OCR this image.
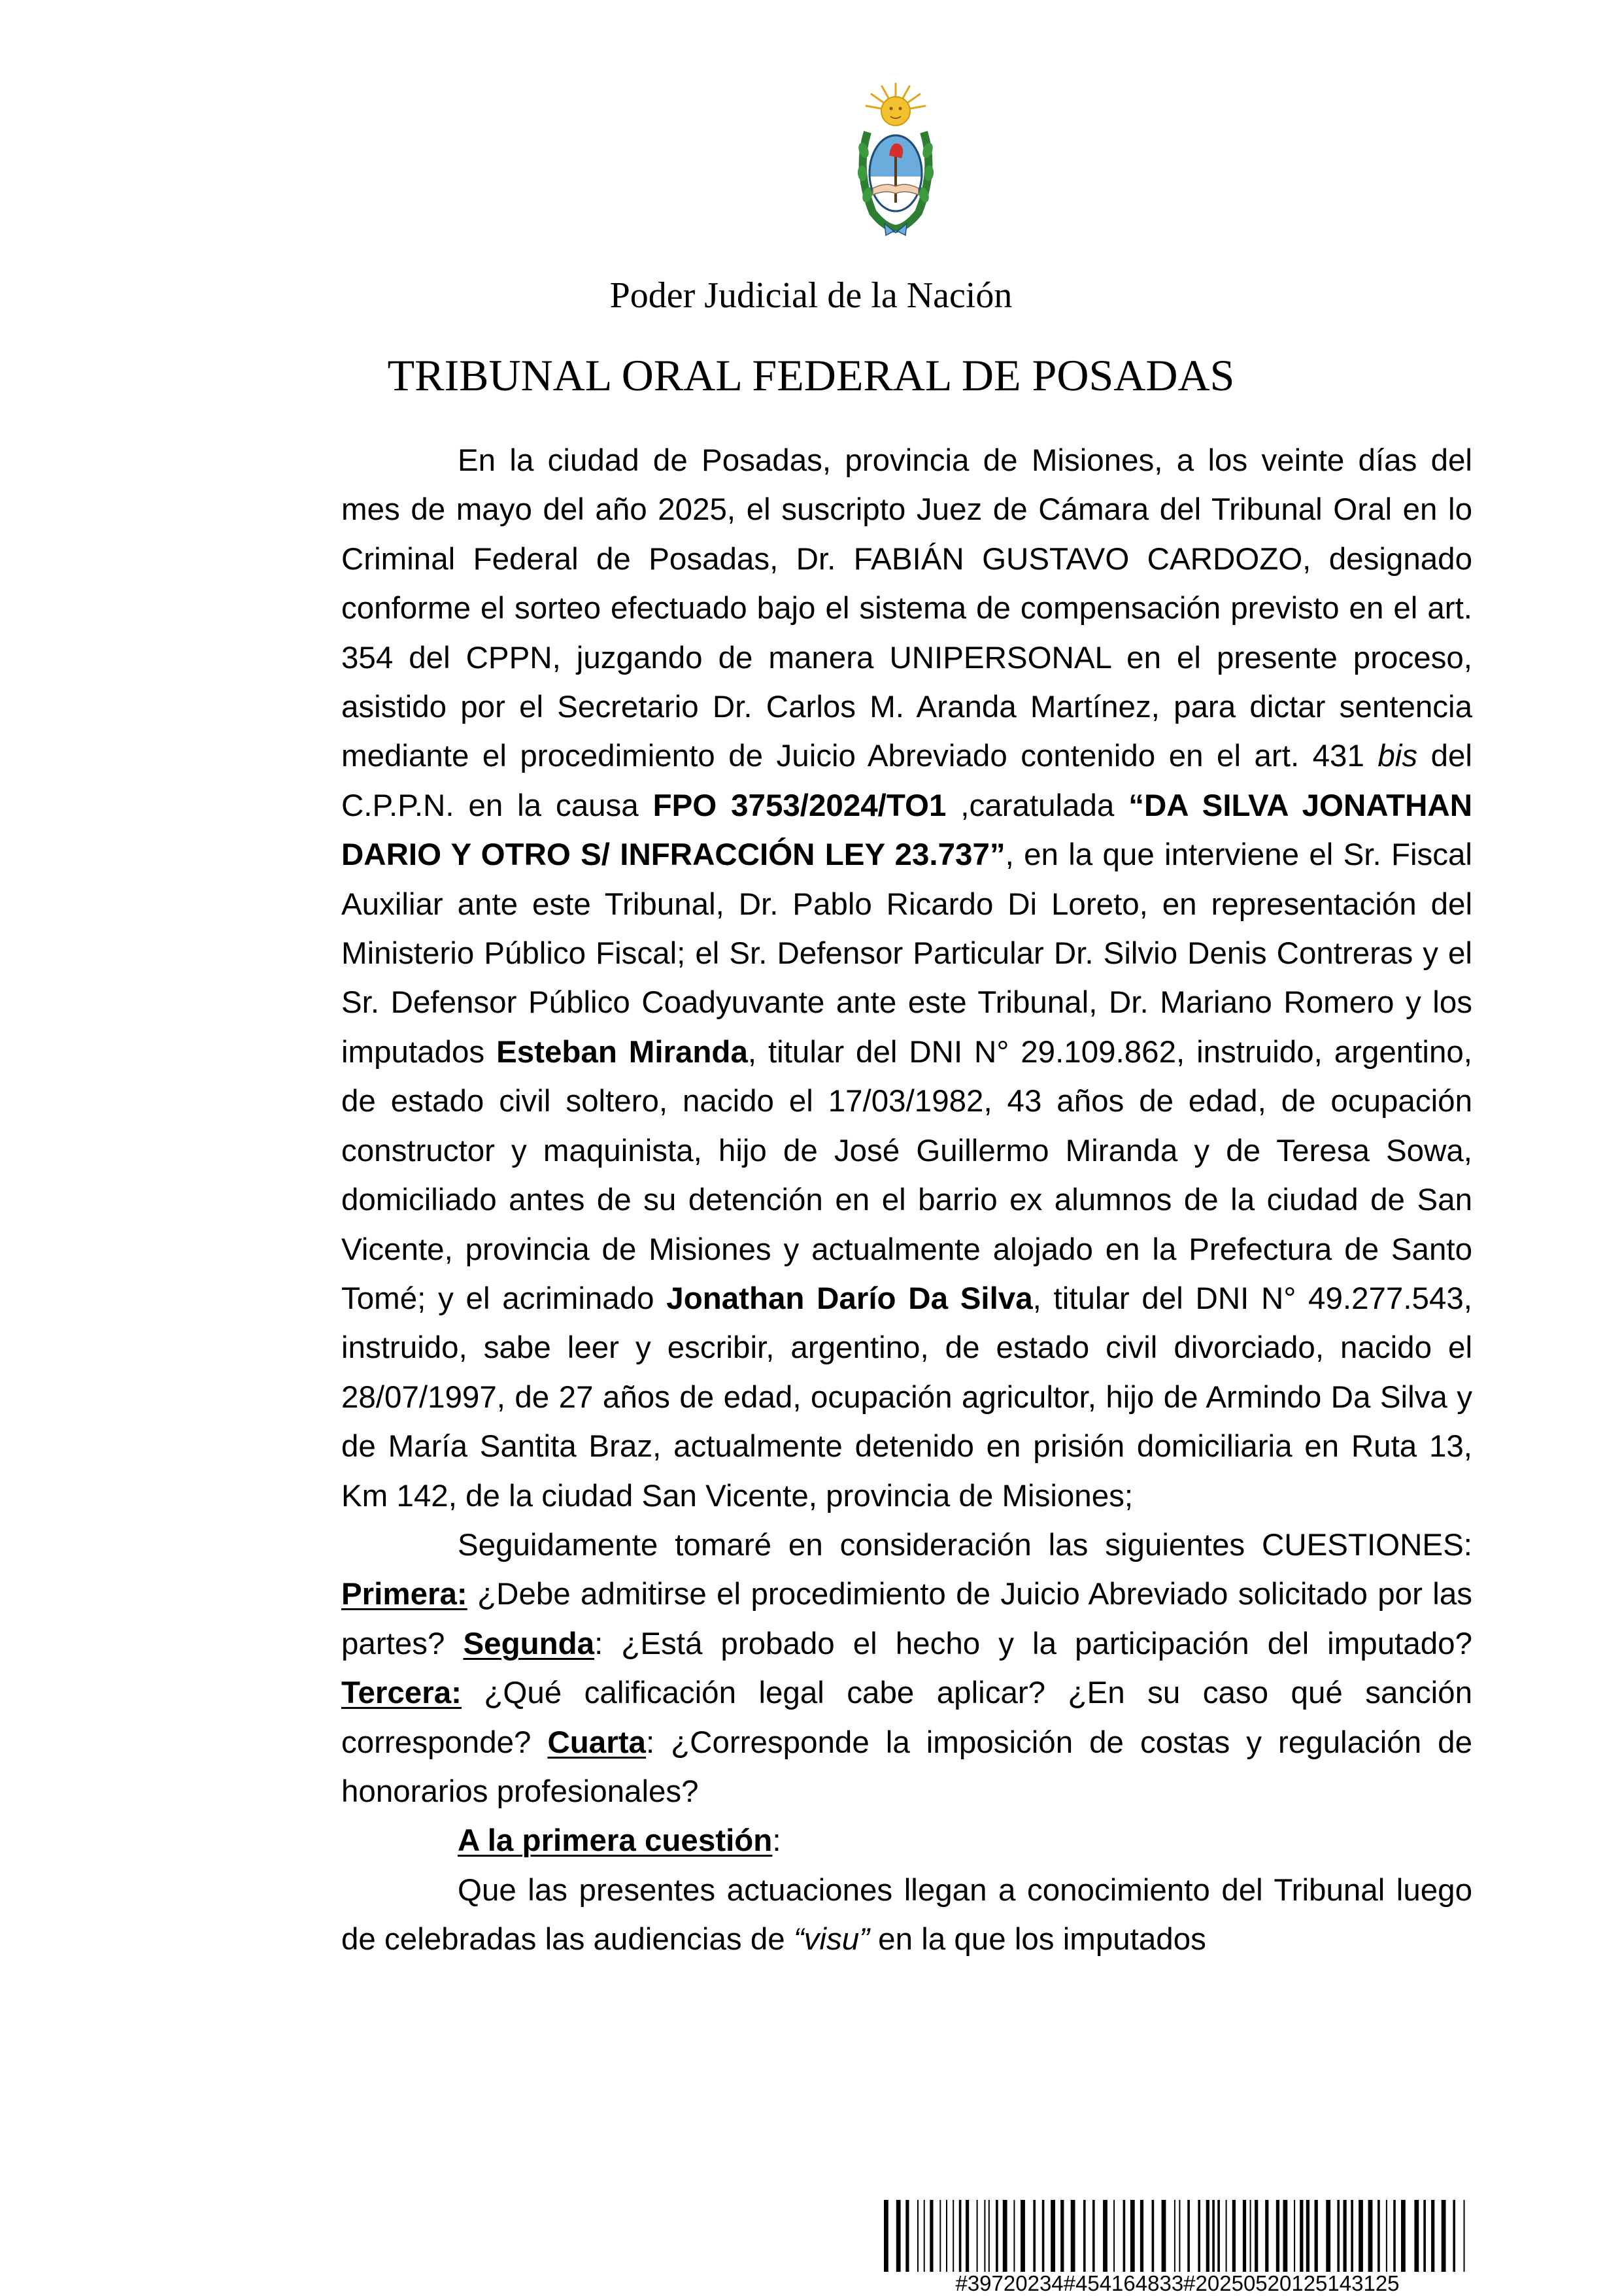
Poder Judicial de la Nación
TRIBUNAL ORAL FEDERAL DE POSADAS

En la ciudad de Posadas, provincia de Misiones, a los veinte días del mes de mayo del año 2025, el suscripto Juez de Cámara del Tribunal Oral en lo Criminal Federal de Posadas, Dr. FABIÁN GUSTAVO CARDOZO, designado conforme el sorteo efectuado bajo el sistema de compensación previsto en el art. 354 del CPPN, juzgando de manera UNIPERSONAL en el presente proceso, asistido por el Secretario Dr. Carlos M. Aranda Martínez, para dictar sentencia mediante el procedimiento de Juicio Abreviado contenido en el art. 431 bis del C.P.P.N. en la causa FPO 3753/2024/TO1 ,caratulada “DA SILVA JONATHAN DARIO Y OTRO S/ INFRACCIÓN LEY 23.737”, en la que interviene el Sr. Fiscal Auxiliar ante este Tribunal, Dr. Pablo Ricardo Di Loreto, en representación del Ministerio Público Fiscal; el Sr. Defensor Particular Dr. Silvio Denis Contreras y el Sr. Defensor Público Coadyuvante ante este Tribunal, Dr. Mariano Romero y los imputados Esteban Miranda, titular del DNI N° 29.109.862, instruido, argentino, de estado civil soltero, nacido el 17/03/1982, 43 años de edad, de ocupación constructor y maquinista, hijo de José Guillermo Miranda y de Teresa Sowa, domiciliado antes de su detención en el barrio ex alumnos de la ciudad de San Vicente, provincia de Misiones y actualmente alojado en la Prefectura de Santo Tomé; y el acriminado Jonathan Darío Da Silva, titular del DNI N° 49.277.543, instruido, sabe leer y escribir, argentino, de estado civil divorciado, nacido el 28/07/1997, de 27 años de edad, ocupación agricultor, hijo de Armindo Da Silva y de María Santita Braz, actualmente detenido en prisión domiciliaria en Ruta 13, Km 142, de la ciudad San Vicente, provincia de Misiones;

Seguidamente tomaré en consideración las siguientes CUESTIONES: Primera: ¿Debe admitirse el procedimiento de Juicio Abreviado solicitado por las partes? Segunda: ¿Está probado el hecho y la participación del imputado? Tercera: ¿Qué calificación legal cabe aplicar? ¿En su caso qué sanción corresponde? Cuarta: ¿Corresponde la imposición de costas y regulación de honorarios profesionales?

A la primera cuestión:

Que las presentes actuaciones llegan a conocimiento del Tribunal luego de celebradas las audiencias de “visu” en la que los imputados

#39720234#454164833#20250520125143125
